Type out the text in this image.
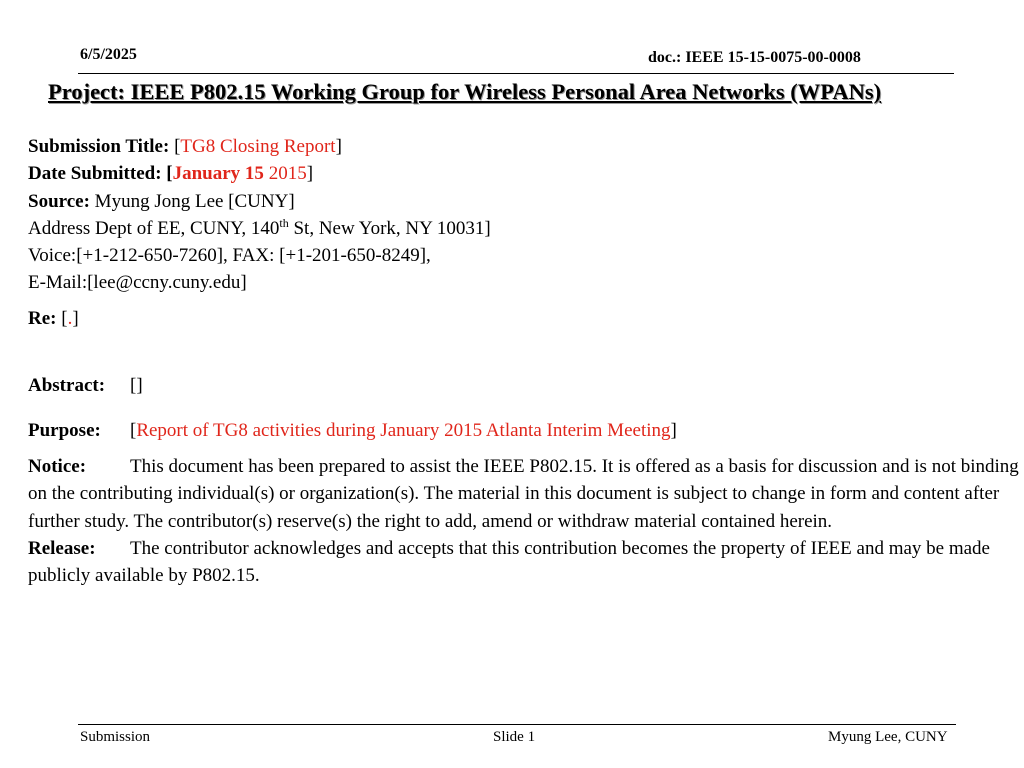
6/5/2025	doc.: IEEE 15-15-0075-00-0008
Project: IEEE P802.15 Working Group for Wireless Personal Area Networks (WPANs)
Submission Title: [TG8 Closing Report]
Date Submitted: [January 15 2015]
Source: Myung Jong Lee [CUNY]
Address Dept of EE, CUNY, 140th St, New York, NY 10031]
Voice:[+1-212-650-7260], FAX: [+1-201-650-8249],
E-Mail:[lee@ccny.cuny.edu]
Re: [.]
Abstract: []
Purpose: [Report of TG8 activities during January 2015 Atlanta Interim Meeting]
Notice: This document has been prepared to assist the IEEE P802.15. It is offered as a basis for discussion and is not binding on the contributing individual(s) or organization(s). The material in this document is subject to change in form and content after further study. The contributor(s) reserve(s) the right to add, amend or withdraw material contained herein.
Release: The contributor acknowledges and accepts that this contribution becomes the property of IEEE and may be made publicly available by P802.15.
Submission	Slide 1	Myung Lee, CUNY
